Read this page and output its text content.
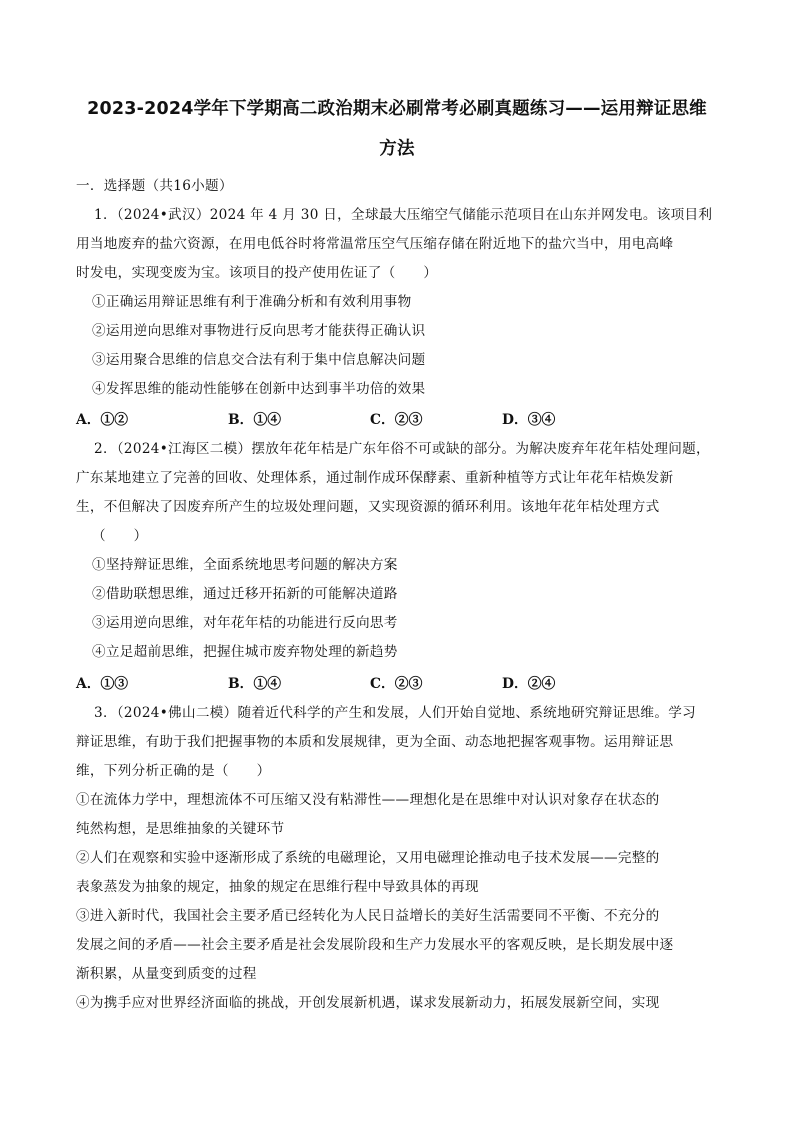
2023-2024学年下学期高二政治期末必刷常考必刷真题练习——运用辩证思维
方法
一．选择题（共16小题）
1．（2024•武汉）2024 年 4 月 30 日，全球最大压缩空气储能示范项目在山东并网发电。该项目利
用当地废弃的盐穴资源，在用电低谷时将常温常压空气压缩存储在附近地下的盐穴当中，用电高峰
时发电，实现变废为宝。该项目的投产使用佐证了（　　）
①正确运用辩证思维有利于准确分析和有效利用事物
②运用逆向思维对事物进行反向思考才能获得正确认识
③运用聚合思维的信息交合法有利于集中信息解决问题
④发挥思维的能动性能够在创新中达到事半功倍的效果
A．①②	B．①④	C．②③	D．③④
2．（2024•江海区二模）摆放年花年桔是广东年俗不可或缺的部分。为解决废弃年花年桔处理问题，
广东某地建立了完善的回收、处理体系，通过制作成环保酵素、重新种植等方式让年花年桔焕发新
生，不但解决了因废弃所产生的垃圾处理问题，又实现资源的循环利用。该地年花年桔处理方式
（　　）
①坚持辩证思维，全面系统地思考问题的解决方案
②借助联想思维，通过迁移开拓新的可能解决道路
③运用逆向思维，对年花年桔的功能进行反向思考
④立足超前思维，把握住城市废弃物处理的新趋势
A．①③	B．①④	C．②③	D．②④
3．（2024•佛山二模）随着近代科学的产生和发展，人们开始自觉地、系统地研究辩证思维。学习
辩证思维，有助于我们把握事物的本质和发展规律，更为全面、动态地把握客观事物。运用辩证思
维，下列分析正确的是（　　）
①在流体力学中，理想流体不可压缩又没有粘滞性——理想化是在思维中对认识对象存在状态的
纯然构想，是思维抽象的关键环节
②人们在观察和实验中逐渐形成了系统的电磁理论，又用电磁理论推动电子技术发展——完整的
表象蒸发为抽象的规定，抽象的规定在思维行程中导致具体的再现
③进入新时代，我国社会主要矛盾已经转化为人民日益增长的美好生活需要同不平衡、不充分的
发展之间的矛盾——社会主要矛盾是社会发展阶段和生产力发展水平的客观反映，是长期发展中逐
渐积累，从量变到质变的过程
④为携手应对世界经济面临的挑战，开创发展新机遇，谋求发展新动力，拓展发展新空间，实现
